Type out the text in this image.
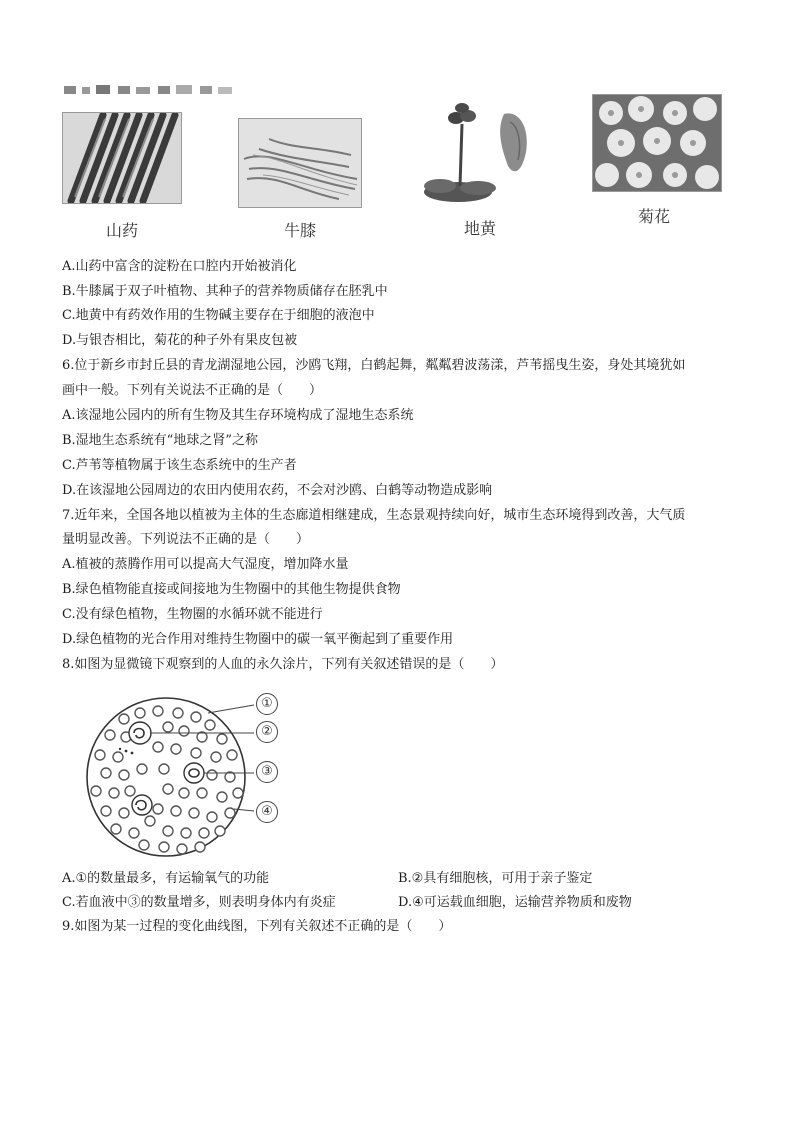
山药	牛膝	地黄
菊花
A.山药中富含的淀粉在口腔内开始被消化
B.牛膝属于双子叶植物、其种子的营养物质储存在胚乳中
C.地黄中有药效作用的生物碱主要存在于细胞的液泡中
D.与银杏相比，菊花的种子外有果皮包被
6.位于新乡市封丘县的青龙湖湿地公园，沙鸥飞翔，白鹤起舞，粼粼碧波荡漾，芦苇摇曳生姿，身处其境犹如
画中一般。下列有关说法不正确的是（　　）
A.该湿地公园内的所有生物及其生存环境构成了湿地生态系统
B.湿地生态系统有“地球之肾”之称
C.芦苇等植物属于该生态系统中的生产者
D.在该湿地公园周边的农田内使用农药，不会对沙鸥、白鹤等动物造成影响
7.近年来，全国各地以植被为主体的生态廊道相继建成，生态景观持续向好，城市生态环境得到改善，大气质
量明显改善。下列说法不正确的是（　　）
A.植被的蒸腾作用可以提高大气湿度，增加降水量
B.绿色植物能直接或间接地为生物圈中的其他生物提供食物
C.没有绿色植物，生物圈的水循环就不能进行
D.绿色植物的光合作用对维持生物圈中的碳一氧平衡起到了重要作用
8.如图为显微镜下观察到的人血的永久涂片，下列有关叙述错误的是（　　）
①
②
③
④
A.①的数量最多，有运输氧气的功能	B.②具有细胞核，可用于亲子鉴定
C.若血液中③的数量增多，则表明身体内有炎症	D.④可运载血细胞，运输营养物质和废物
9.如图为某一过程的变化曲线图，下列有关叙述不正确的是（　　）
